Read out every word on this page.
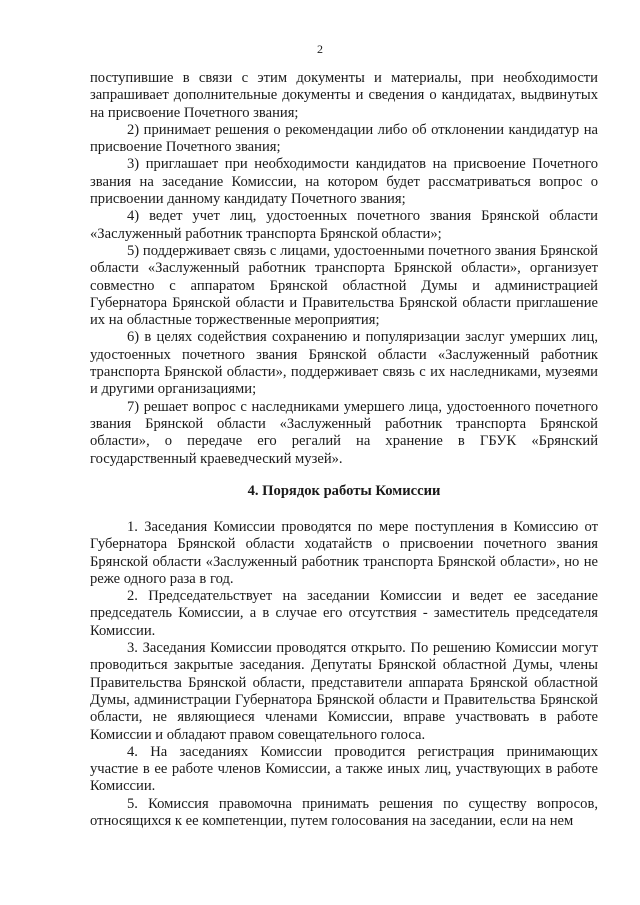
2

поступившие в связи с этим документы и материалы, при необходимости запрашивает дополнительные документы и сведения о кандидатах, выдвинутых на присвоение Почетного звания;

2) принимает решения о рекомендации либо об отклонении кандидатур на присвоение Почетного звания;

3) приглашает при необходимости кандидатов на присвоение Почетного звания на заседание Комиссии, на котором будет рассматриваться вопрос о присвоении данному кандидату Почетного звания;

4) ведет учет лиц, удостоенных почетного звания Брянской области «Заслуженный работник транспорта Брянской области»;

5) поддерживает связь с лицами, удостоенными почетного звания Брянской области «Заслуженный работник транспорта Брянской области», организует совместно с аппаратом Брянской областной Думы и администрацией Губернатора Брянской области и Правительства Брянской области приглашение их на областные торжественные мероприятия;

6) в целях содействия сохранению и популяризации заслуг умерших лиц, удостоенных почетного звания Брянской области «Заслуженный работник транспорта Брянской области», поддерживает связь с их наследниками, музеями и другими организациями;

7) решает вопрос с наследниками умершего лица, удостоенного почетного звания Брянской области «Заслуженный работник транспорта Брянской области», о передаче его регалий на хранение в ГБУК «Брянский государственный краеведческий музей».

4. Порядок работы Комиссии

1. Заседания Комиссии проводятся по мере поступления в Комиссию от Губернатора Брянской области ходатайств о присвоении почетного звания Брянской области «Заслуженный работник транспорта Брянской области», но не реже одного раза в год.

2. Председательствует на заседании Комиссии и ведет ее заседание председатель Комиссии, а в случае его отсутствия - заместитель председателя Комиссии.

3. Заседания Комиссии проводятся открыто. По решению Комиссии могут проводиться закрытые заседания. Депутаты Брянской областной Думы, члены Правительства Брянской области, представители аппарата Брянской областной Думы, администрации Губернатора Брянской области и Правительства Брянской области, не являющиеся членами Комиссии, вправе участвовать в работе Комиссии и обладают правом совещательного голоса.

4. На заседаниях Комиссии проводится регистрация принимающих участие в ее работе членов Комиссии, а также иных лиц, участвующих в работе Комиссии.

5. Комиссия правомочна принимать решения по существу вопросов, относящихся к ее компетенции, путем голосования на заседании, если на нем
